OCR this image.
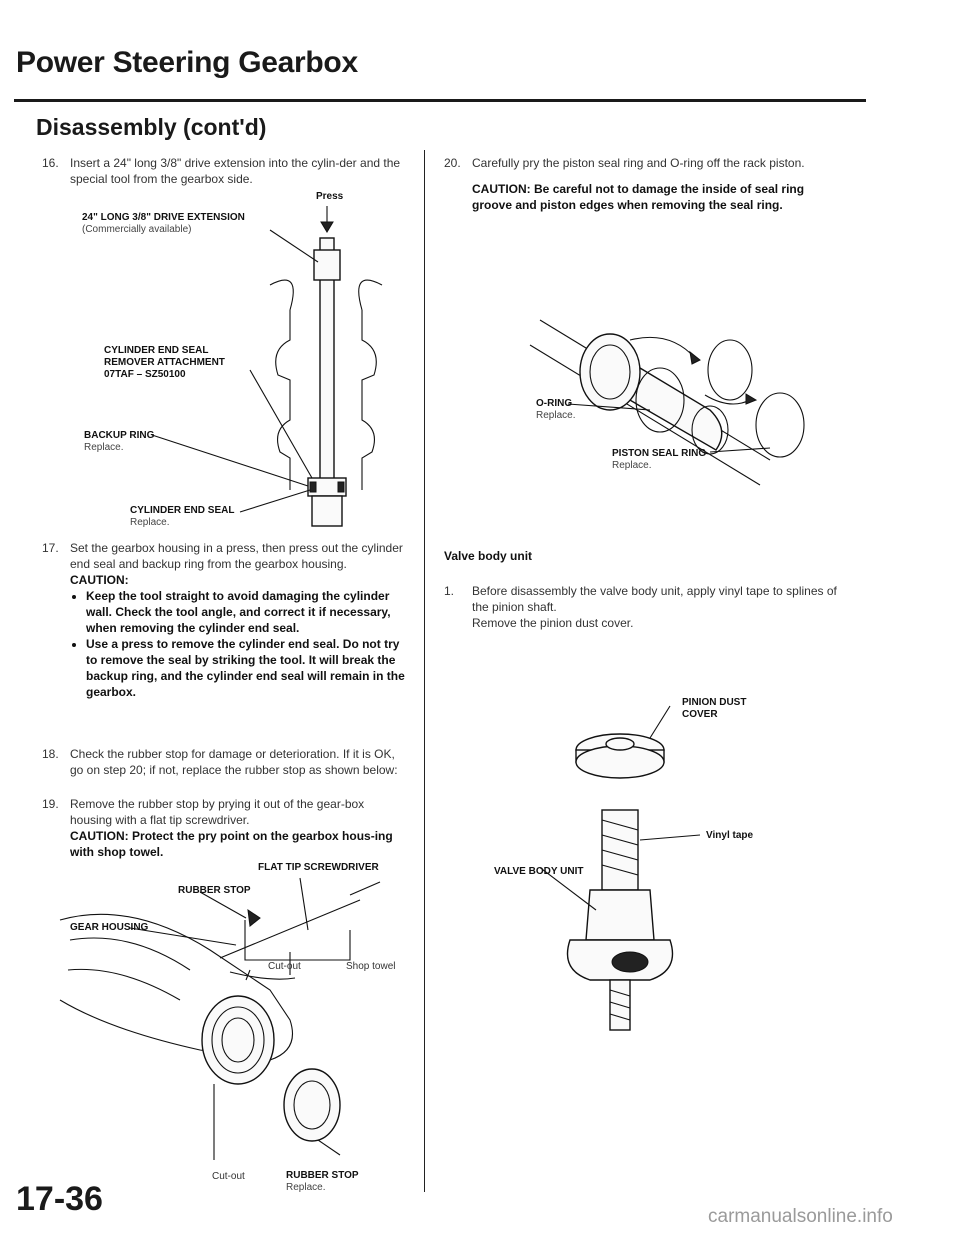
Power Steering Gearbox
Disassembly (cont'd)
16. Insert a 24" long 3/8" drive extension into the cylin-der and the special tool from the gearbox side.
Press
24" LONG 3/8" DRIVE EXTENSION
(Commercially available)
CYLINDER END SEAL
REMOVER ATTACHMENT
07TAF – SZ50100
BACKUP RING
Replace.
CYLINDER END SEAL
Replace.
17. Set the gearbox housing in a press, then press out the cylinder end seal and backup ring from the gearbox housing.
CAUTION:
• Keep the tool straight to avoid damaging the cylinder wall. Check the tool angle, and correct it if necessary, when removing the cylinder end seal.
• Use a press to remove the cylinder end seal. Do not try to remove the seal by striking the tool. It will break the backup ring, and the cylinder end seal will remain in the gearbox.
18. Check the rubber stop for damage or deterioration. If it is OK, go on step 20; if not, replace the rubber stop as shown below:
19. Remove the rubber stop by prying it out of the gear-box housing with a flat tip screwdriver.
CAUTION: Protect the pry point on the gearbox hous-ing with shop towel.
FLAT TIP SCREWDRIVER
RUBBER STOP
GEAR HOUSING
Cut-out	Shop towel
Cut-out	RUBBER STOP
Replace.
20. Carefully pry the piston seal ring and O-ring off the rack piston.
CAUTION: Be careful not to damage the inside of seal ring groove and piston edges when removing the seal ring.
O-RING
Replace.
PISTON SEAL RING
Replace.
Valve body unit
1. Before disassembly the valve body unit, apply vinyl tape to splines of the pinion shaft.
Remove the pinion dust cover.
PINION DUST
COVER
Vinyl tape
VALVE BODY UNIT
17-36	carmanualsonline.info
